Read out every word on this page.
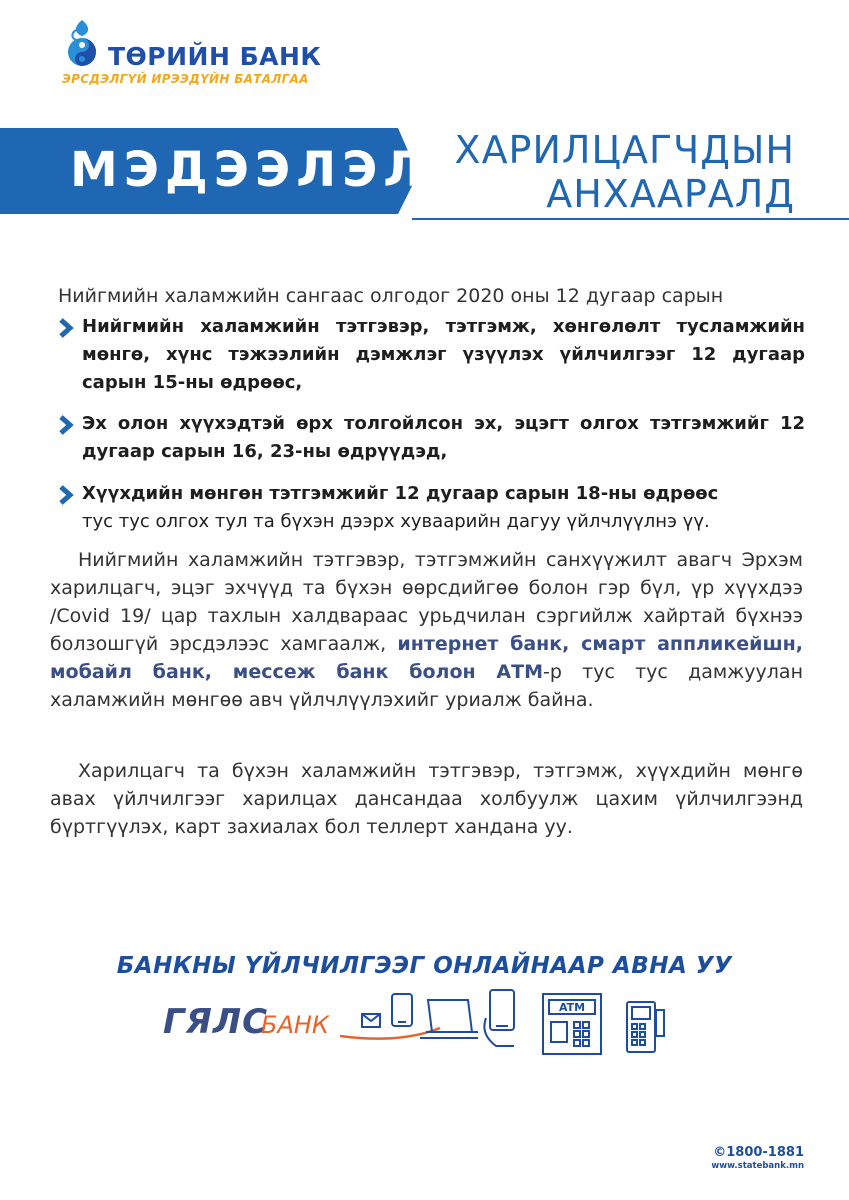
ТӨРИЙН БАНК
ЭРСДЭЛГҮЙ ИРЭЭДҮЙН БАТАЛГАА
МЭДЭЭЛЭЛ ХАРИЛЦАГЧДЫН
АНХААРАЛД
Нийгмийн халамжийн сангаас олгодог 2020 оны 12 дугаар сарын
Нийгмийн халамжийн тэтгэвэр, тэтгэмж, хөнгөлөлт тусламжийн мөнгө, хүнс тэжээлийн дэмжлэг үзүүлэх үйлчилгээг 12 дугаар сарын 15-ны өдрөөс,
Эх олон хүүхэдтэй өрх толгойлсон эх, эцэгт олгох тэтгэмжийг 12 дугаар сарын 16, 23-ны өдрүүдэд,
Хүүхдийн мөнгөн тэтгэмжийг 12 дугаар сарын 18-ны өдрөөс
тус тус олгох тул та бүхэн дээрх хуваарийн дагуу үйлчлүүлнэ үү.
Нийгмийн халамжийн тэтгэвэр, тэтгэмжийн санхүүжилт авагч Эрхэм харилцагч, эцэг эхчүүд та бүхэн өөрсдийгөө болон гэр бүл, үр хүүхдээ /Covid 19/ цар тахлын халдвараас урьдчилан сэргийлж хайртай бүхнээ болзошгүй эрсдэлээс хамгаалж, интернет банк, смарт аппликейшн, мобайл банк, мессеж банк болон АТМ-р тус тус дамжуулан халамжийн мөнгөө авч үйлчлүүлэхийг уриалж байна.
Харилцагч та бүхэн халамжийн тэтгэвэр, тэтгэмж, хүүхдийн мөнгө авах үйлчилгээг харилцах дансандаа холбуулж цахим үйлчилгээнд бүртгүүлэх, карт захиалах бол теллерт хандана уу.
БАНКНЫ ҮЙЛЧИЛГЭЭГ ОНЛАЙНААР АВНА УУ
ГЯЛС
БАНК
ATM
©1800-1881
www.statebank.mn
